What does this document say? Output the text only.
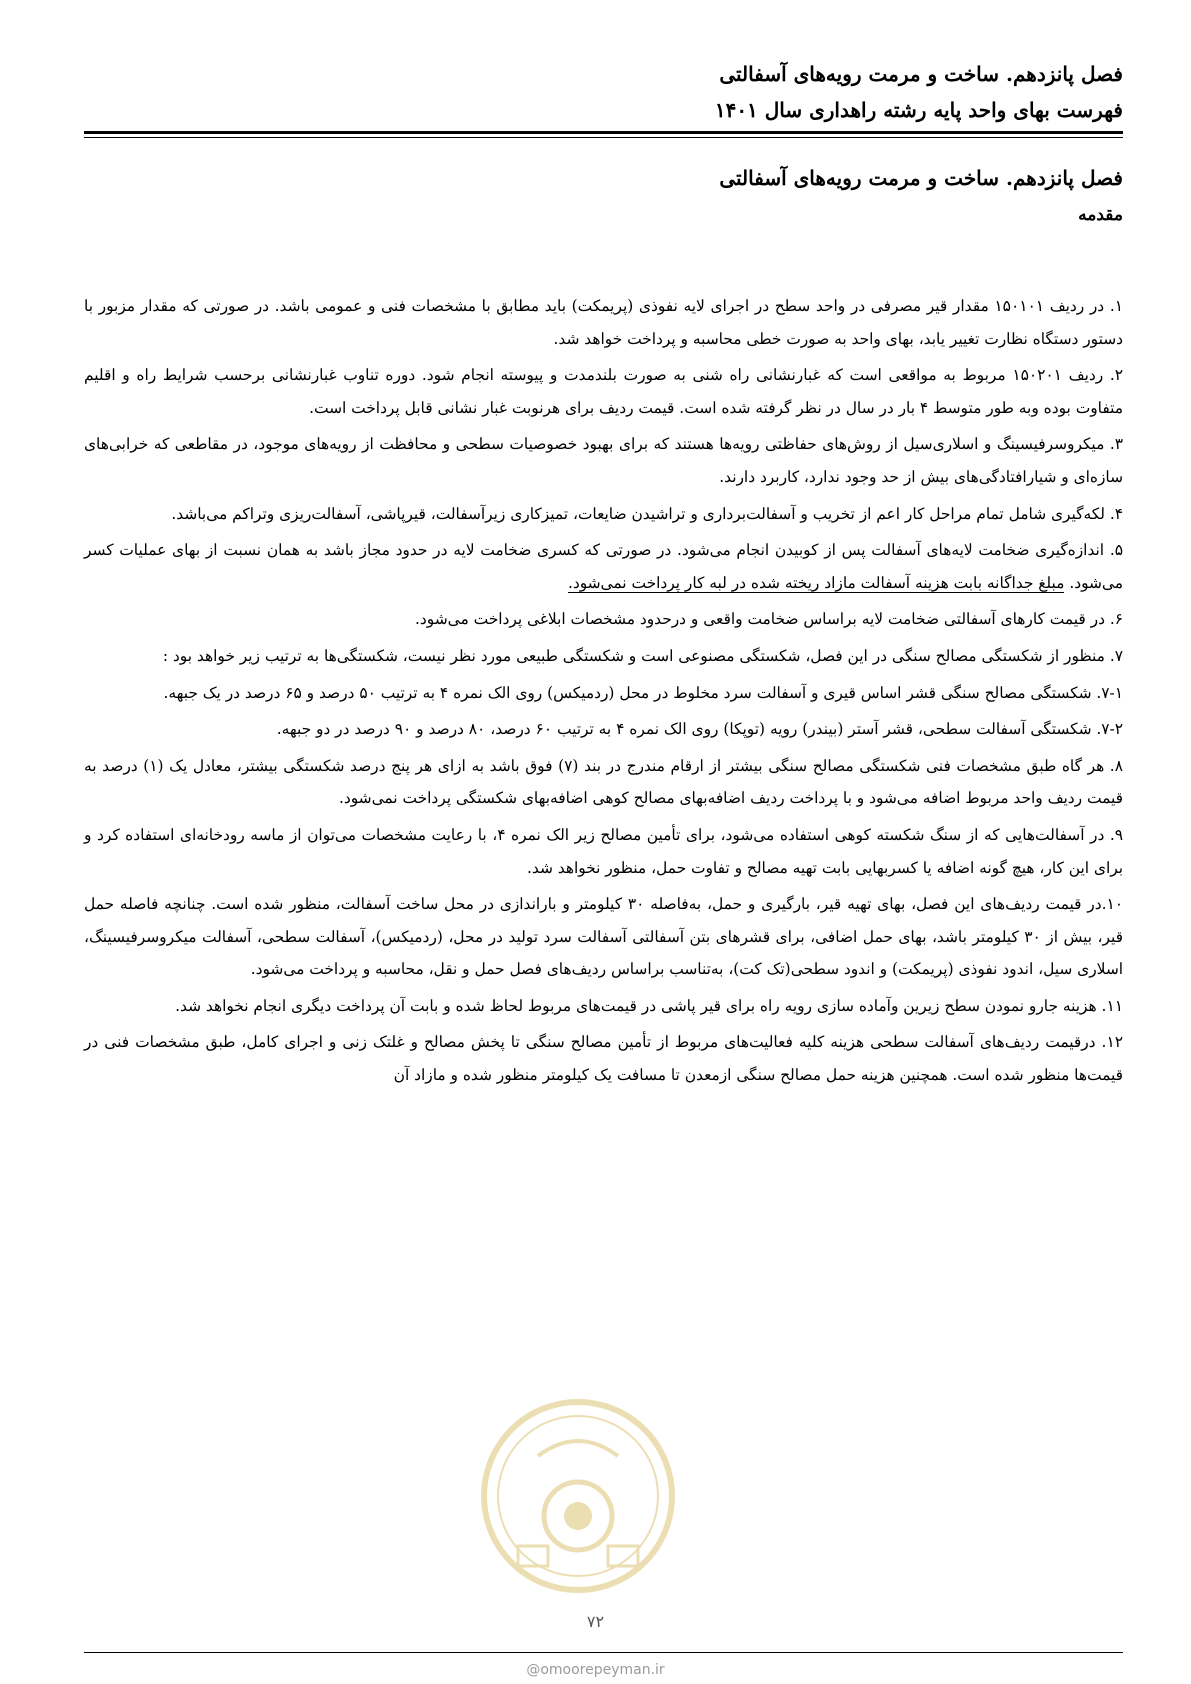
فصل پانزدهم. ساخت و مرمت رویه‌های آسفالتی
فهرست بهای واحد پایه رشته راهداری سال ۱۴۰۱
فصل پانزدهم. ساخت و مرمت رویه‌های آسفالتی
مقدمه

۱. در ردیف ۱۵۰۱۰۱ مقدار قیر مصرفی در واحد سطح در اجرای لایه نفوذی (پریمکت) باید مطابق با مشخصات فنی و عمومی باشد. در صورتی که مقدار مزبور با دستور دستگاه نظارت تغییر یابد، بهای واحد به صورت خطی محاسبه و پرداخت خواهد شد.

۲. ردیف ۱۵۰۲۰۱ مربوط به مواقعی است که غبارنشانی راه شنی به صورت بلندمدت و پیوسته انجام شود. دوره تناوب غبارنشانی برحسب شرایط راه و اقلیم متفاوت بوده وبه طور متوسط ۴ بار در سال در نظر گرفته شده است. قیمت ردیف برای هرنوبت غبار نشانی قابل پرداخت است.

۳. میکروسرفیسینگ و اسلاری‌سیل از روش‌های حفاظتی رویه‌ها هستند که برای بهبود خصوصیات سطحی و محافظت از رویه‌های موجود، در مقاطعی که خرابی‌های سازه‌ای و شیارافتادگی‌های بیش از حد وجود ندارد، کاربرد دارند.

۴. لکه‌گیری شامل تمام مراحل کار اعم از تخریب و آسفالت‌برداری و تراشیدن ضایعات، تمیزکاری زیرآسفالت، قیرپاشی، آسفالت‌ریزی وتراکم می‌باشد.

۵. اندازه‌گیری ضخامت لایه‌های آسفالت پس از کوبیدن انجام می‌شود. در صورتی که کسری ضخامت لایه در حدود مجاز باشد به همان نسبت از بهای عملیات کسر می‌شود. مبلغ جداگانه بابت هزینه آسفالت مازاد ریخته شده در لبه کار پرداخت نمی‌شود.

۶. در قیمت کارهای آسفالتی ضخامت لایه براساس ضخامت واقعی و درحدود مشخصات ابلاغی پرداخت می‌شود.

۷. منظور از شکستگی مصالح سنگی در این فصل، شکستگی مصنوعی است و شکستگی طبیعی مورد نظر نیست، شکستگی‌ها به ترتیب زیر خواهد بود :

۷-۱. شکستگی مصالح سنگی قشر اساس قیری و آسفالت سرد مخلوط در محل (ردمیکس) روی الک نمره ۴ به ترتیب ۵۰ درصد و ۶۵ درصد در یک جبهه.

۷-۲. شکستگی آسفالت سطحی، قشر آستر (بیندر) رویه (توپکا) روی الک نمره ۴ به ترتیب ۶۰ درصد، ۸۰ درصد و ۹۰ درصد در دو جبهه.

۸. هر گاه طبق مشخصات فنی شکستگی مصالح سنگی بیشتر از ارقام مندرج در بند (۷) فوق باشد به ازای هر پنج درصد شکستگی بیشتر، معادل یک (۱) درصد به قیمت ردیف واحد مربوط اضافه می‌شود و با پرداخت ردیف اضافه‌بهای مصالح کوهی اضافه‌بهای شکستگی پرداخت نمی‌شود.

۹. در آسفالت‌هایی که از سنگ شکسته کوهی استفاده می‌شود، برای تأمین مصالح زیر الک نمره ۴، با رعایت مشخصات می‌توان از ماسه رودخانه‌ای استفاده کرد و برای این کار، هیچ گونه اضافه یا کسربهایی بابت تهیه مصالح و تفاوت حمل، منظور نخواهد شد.

۱۰.در قیمت ردیف‌های این فصل، بهای تهیه قیر، بارگیری و حمل، به‌فاصله ۳۰ کیلومتر و باراندازی در محل ساخت آسفالت، منظور شده است. چنانچه فاصله حمل قیر، بیش از ۳۰ کیلومتر باشد، بهای حمل اضافی، برای قشرهای بتن آسفالتی آسفالت سرد تولید در محل، (ردمیکس)، آسفالت سطحی، آسفالت میکروسرفیسینگ، اسلاری سیل، اندود نفوذی (پریمکت) و اندود سطحی(تک کت)، به‌تناسب براساس ردیف‌های فصل حمل و نقل، محاسبه و پرداخت می‌شود.

۱۱. هزینه جارو نمودن سطح زیرین وآماده سازی رویه راه برای قیر پاشی در قیمت‌های مربوط لحاظ شده و بابت آن پرداخت دیگری انجام نخواهد شد.

۱۲. درقیمت ردیف‌های آسفالت سطحی هزینه کلیه فعالیت‌های مربوط از تأمین مصالح سنگی تا پخش مصالح و غلتک زنی و اجرای کامل، طبق مشخصات فنی در قیمت‌ها منظور شده است. همچنین هزینه حمل مصالح سنگی ازمعدن تا مسافت یک کیلومتر منظور شده و مازاد آن

۷۲
@omoorepeyman.ir
